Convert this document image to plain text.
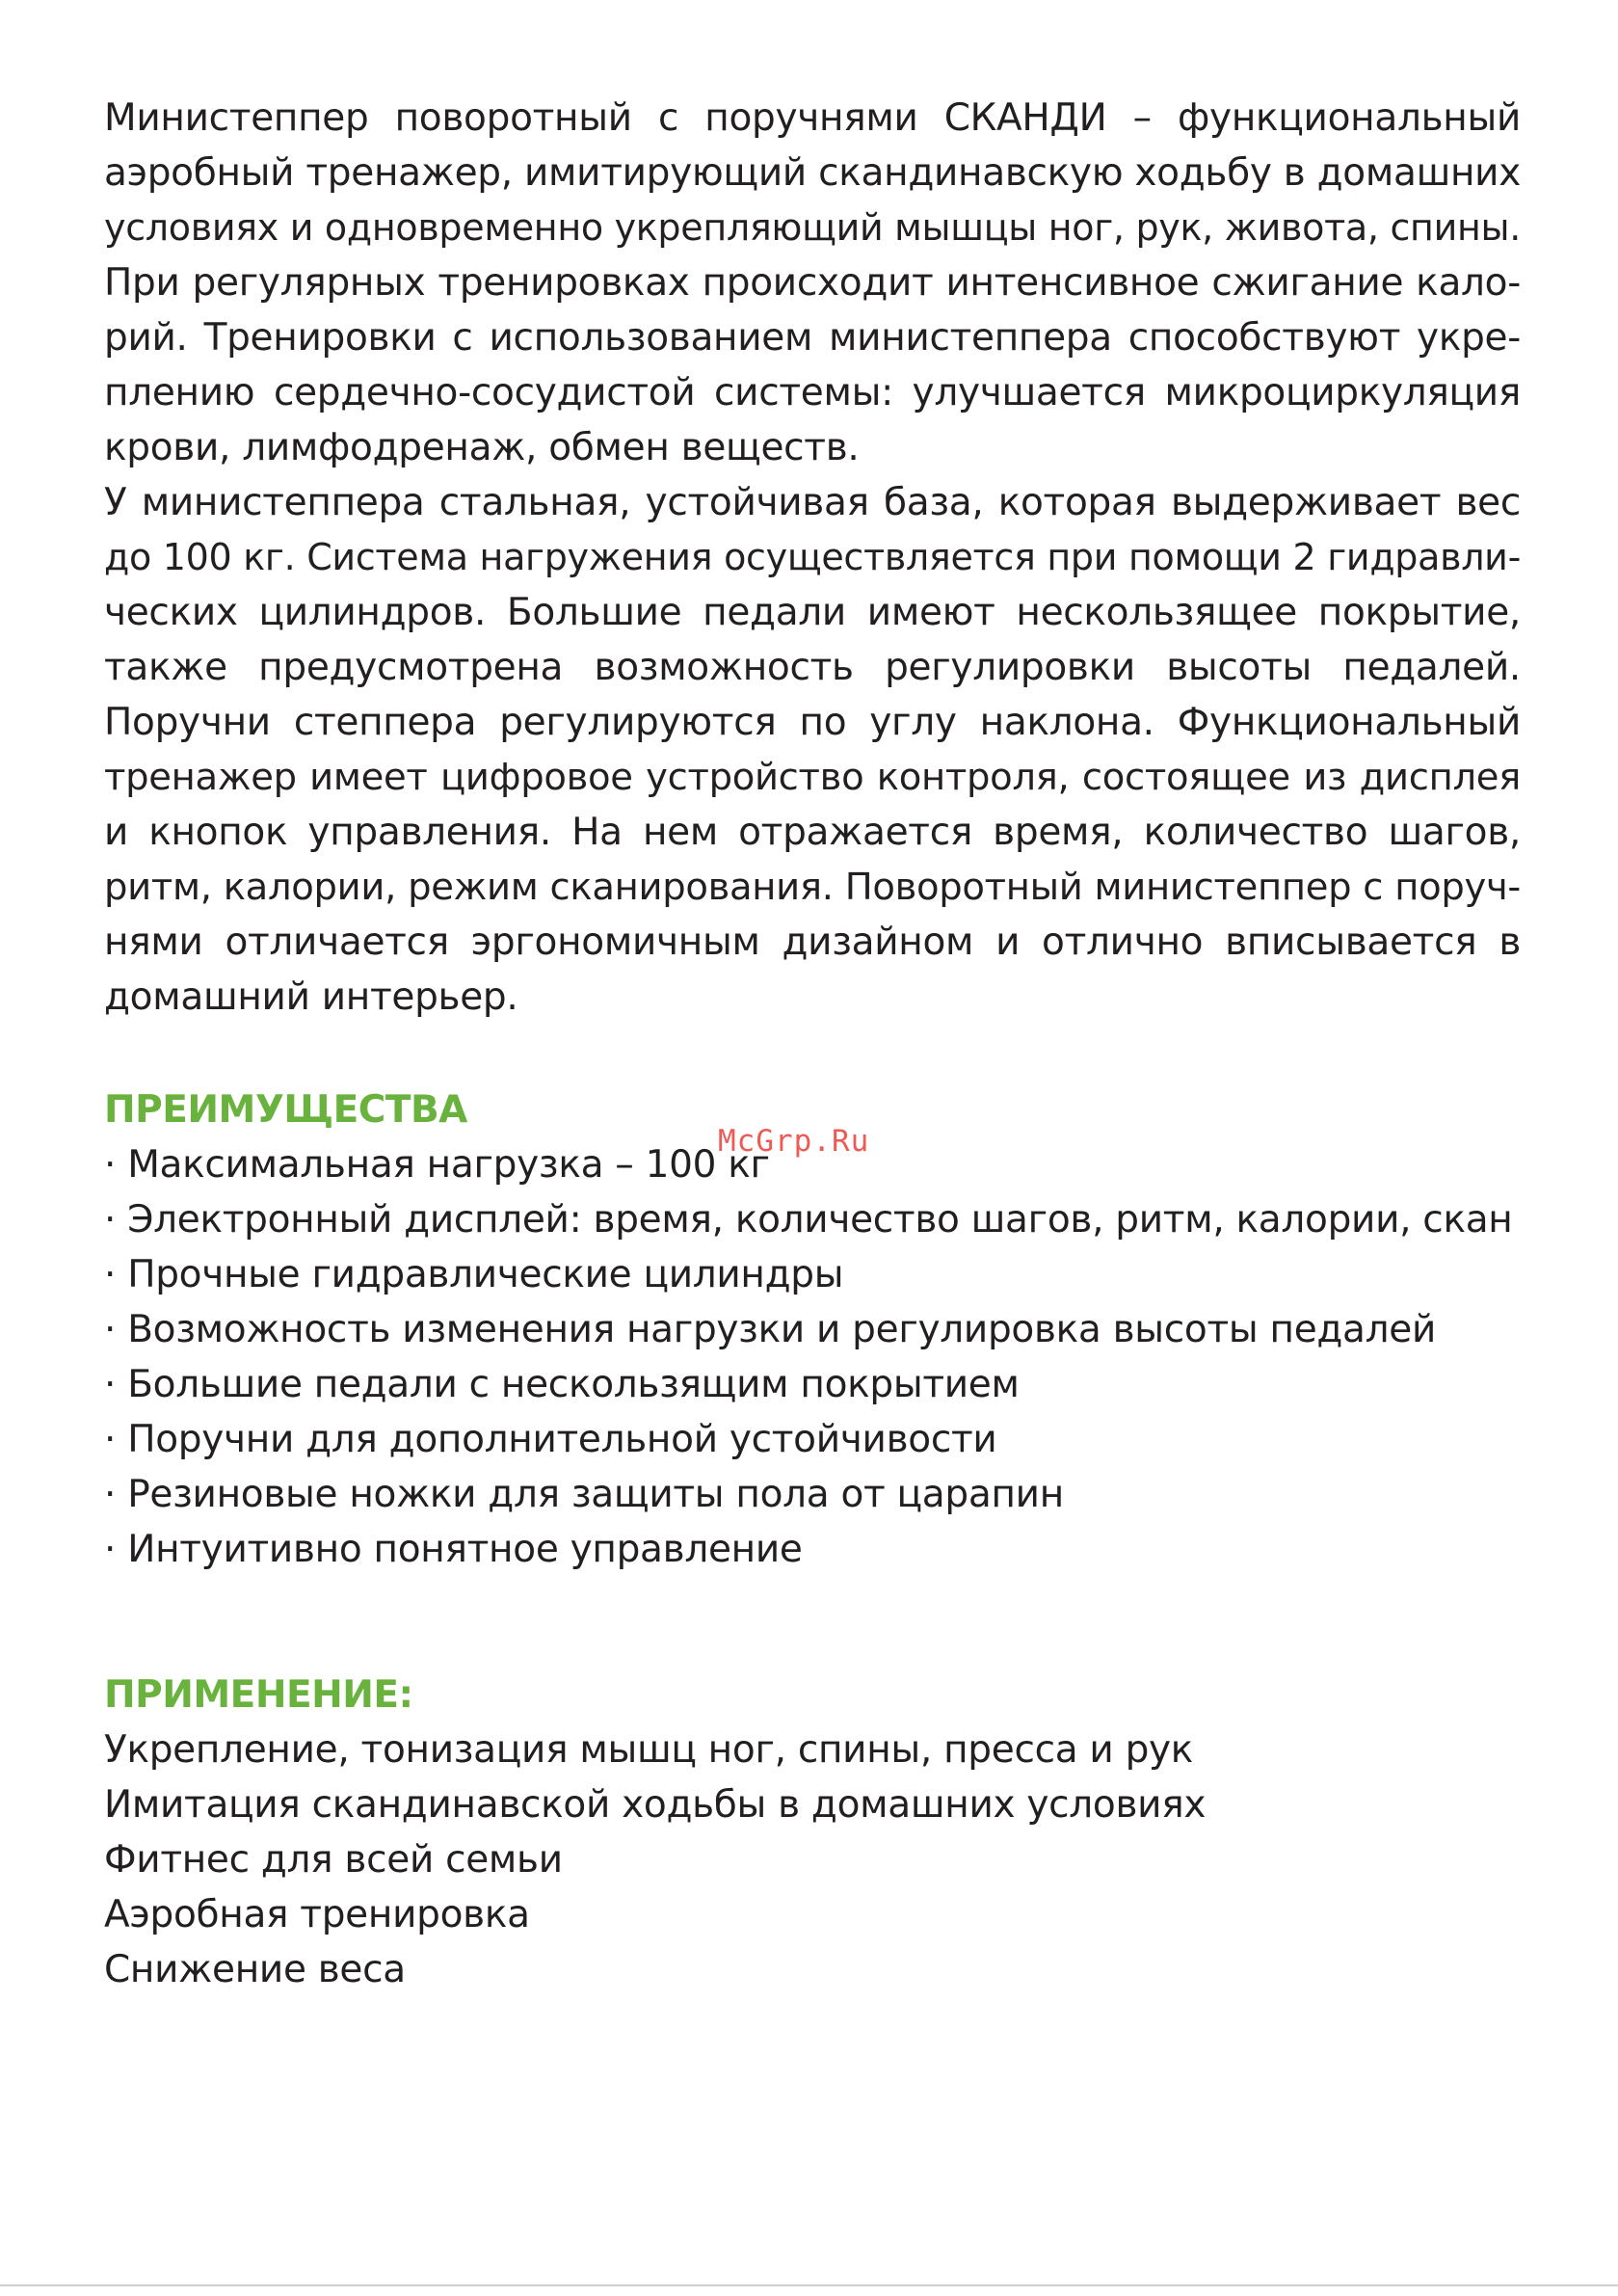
Министеппер поворотный с поручнями СКАНДИ – функциональный
аэробный тренажер, имитирующий скандинавскую ходьбу в домашних
условиях и одновременно укрепляющий мышцы ног, рук, живота, спины.
При регулярных тренировках происходит интенсивное сжигание кало-
рий. Тренировки с использованием министеппера способствуют укре-
плению сердечно-сосудистой системы: улучшается микроциркуляция
крови, лимфодренаж, обмен веществ.
У министеппера стальная, устойчивая база, которая выдерживает вес
до 100 кг. Система нагружения осуществляется при помощи 2 гидравли-
ческих цилиндров. Большие педали имеют нескользящее покрытие,
также предусмотрена возможность регулировки высоты педалей.
Поручни степпера регулируются по углу наклона. Функциональный
тренажер имеет цифровое устройство контроля, состоящее из дисплея
и кнопок управления. На нем отражается время, количество шагов,
ритм, калории, режим сканирования. Поворотный министеппер с поруч-
нями отличается эргономичным дизайном и отлично вписывается в
домашний интерьер.
ПРЕИМУЩЕСТВА
· Максимальная нагрузка – 100 кг
· Электронный дисплей: время, количество шагов, ритм, калории, скан
· Прочные гидравлические цилиндры
· Возможность изменения нагрузки и регулировка высоты педалей
· Большие педали с нескользящим покрытием
· Поручни для дополнительной устойчивости
· Резиновые ножки для защиты пола от царапин
· Интуитивно понятное управление
ПРИМЕНЕНИЕ:
Укрепление, тонизация мышц ног, спины, пресса и рук
Имитация скандинавской ходьбы в домашних условиях
Фитнес для всей семьи
Аэробная тренировка
Снижение веса
McGrp.Ru
